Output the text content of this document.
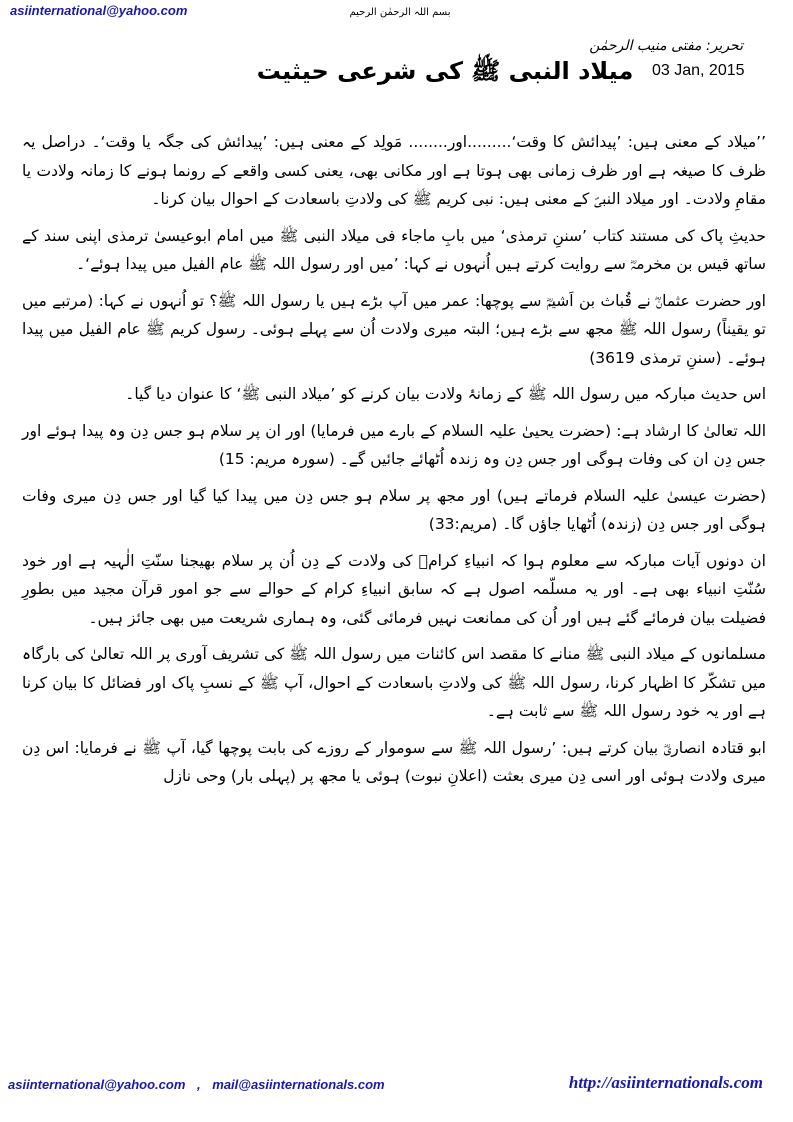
asiinternational@yahoo.com	بسم اللہ الرحمٰن الرحیم
تحریر: مفتی منیب الرحمٰن
03 Jan, 2015
میلاد النبی ﷺ کی شرعی حیثیت

’’میلاد کے معنی ہیں: ’پیدائش کا وقت‘.........اور........ مَولِد کے معنی ہیں: ’پیدائش کی جگہ یا وقت‘۔ دراصل یہ ظرف کا صیغہ ہے اور ظرف زمانی بھی ہوتا ہے اور مکانی بھی، یعنی کسی واقعے کے رونما ہونے کا زمانہ ولادت یا مقامِ ولادت۔ اور میلاد النبیؐ کے معنی ہیں: نبی کریم ﷺ کی ولادتِ باسعادت کے احوال بیان کرنا۔

حدیثِ پاک کی مستند کتاب ’سننِ ترمذی‘ میں بابِ ماجاء فی میلاد النبی ﷺ میں امام ابوعیسیٰ ترمذی اپنی سند کے ساتھ قیس بن مخرمہؓ سے روایت کرتے ہیں اُنہوں نے کہا: ’میں اور رسول اللہ ﷺ عام الفیل میں پیدا ہوئے‘۔

اور حضرت عثمانؓ نے قُباث بن اَشیمؓ سے پوچھا: عمر میں آپ بڑے ہیں یا رسول اللہ ﷺ؟ تو اُنہوں نے کہا: (مرتبے میں تو یقیناً) رسول اللہ ﷺ مجھ سے بڑے ہیں؛ البتہ میری ولادت اُن سے پہلے ہوئی۔ رسول کریم ﷺ عام الفیل میں پیدا ہوئے۔ (سننِ ترمذی 3619)

اس حدیث مبارکہ میں رسول اللہ ﷺ کے زمانۂ ولادت بیان کرنے کو ’میلاد النبی ﷺ‘ کا عنوان دیا گیا۔

اللہ تعالیٰ کا ارشاد ہے: (حضرت یحییٰ علیہ السلام کے بارے میں فرمایا) اور ان پر سلام ہو جس دِن وہ پیدا ہوئے اور جس دِن ان کی وفات ہوگی اور جس دِن وہ زندہ اُٹھائے جائیں گے۔ (سورہ مریم: 15)

(حضرت عیسیٰ علیہ السلام فرماتے ہیں) اور مجھ پر سلام ہو جس دِن میں پیدا کیا گیا اور جس دِن میری وفات ہوگی اور جس دِن (زندہ) اُٹھایا جاؤں گا۔ (مریم:33)

ان دونوں آیات مبارکہ سے معلوم ہوا کہ انبیاءِ کرامؑ کی ولادت کے دِن اُن پر سلام بھیجنا سنّتِ الٰہیہ ہے اور خود سُنّتِ انبیاء بھی ہے۔ اور یہ مسلّمہ اصول ہے کہ سابق انبیاءِ کرام کے حوالے سے جو امور قرآن مجید میں بطورِ فضیلت بیان فرمائے گئے ہیں اور اُن کی ممانعت نہیں فرمائی گئی، وہ ہماری شریعت میں بھی جائز ہیں۔

مسلمانوں کے میلاد النبی ﷺ منانے کا مقصد اس کائنات میں رسول اللہ ﷺ کی تشریف آوری پر اللہ تعالیٰ کی بارگاہ میں تشکّر کا اظہار کرنا، رسول اللہ ﷺ کی ولادتِ باسعادت کے احوال، آپ ﷺ کے نسبِ پاک اور فضائل کا بیان کرنا ہے اور یہ خود رسول اللہ ﷺ سے ثابت ہے۔

ابو قتادہ انصاریؓ بیان کرتے ہیں: ’رسول اللہ ﷺ سے سوموار کے روزے کی بابت پوچھا گیا، آپ ﷺ نے فرمایا: اس دِن میری ولادت ہوئی اور اسی دِن میری بعثت (اعلانِ نبوت) ہوئی یا مجھ پر (پہلی بار) وحی نازل

asiinternational@yahoo.com , mail@asiinternationals.com	http://asiinternationals.com
